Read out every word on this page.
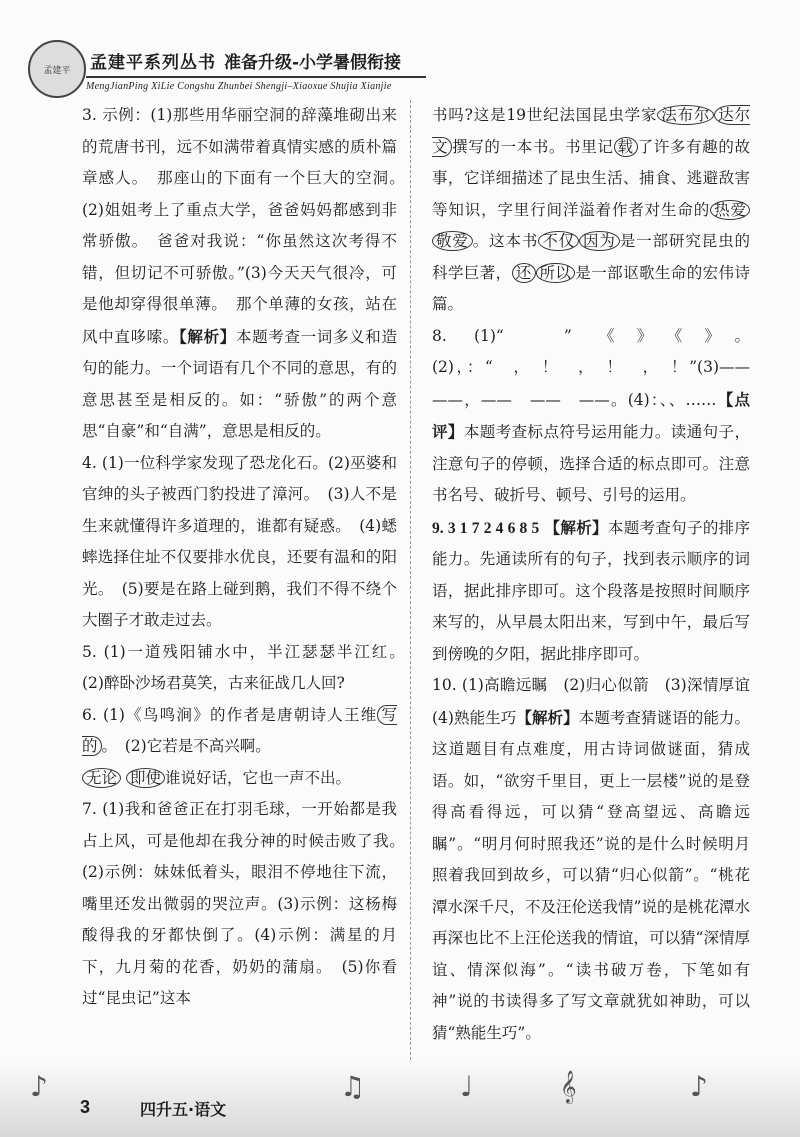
孟建平 孟建平系列丛书 准备升级-小学暑假衔接
MengJianPing XiLie Congshu Zhunbei Shengji–Xiaoxue Shujia Xianjie

3. 示例：(1)那些用华丽空洞的辞藻堆砌出来的荒唐书刊，远不如满带着真情实感的质朴篇章感人。　那座山的下面有一个巨大的空洞。　(2)姐姐考上了重点大学，爸爸妈妈都感到非常骄傲。　爸爸对我说：“你虽然这次考得不错，但切记不可骄傲。”(3)今天天气很冷，可是他却穿得很单薄。　那个单薄的女孩，站在风中直哆嗦。【解析】本题考查一词多义和造句的能力。一个词语有几个不同的意思，有的意思甚至是相反的。如：“骄傲”的两个意思“自豪”和“自满”，意思是相反的。

4. (1)一位科学家发现了恐龙化石。(2)巫婆和官绅的头子被西门豹投进了漳河。　(3)人不是生来就懂得许多道理的，谁都有疑惑。　(4)蟋蟀选择住址不仅要排水优良，还要有温和的阳光。　(5)要是在路上碰到鹅，我们不得不绕个大圈子才敢走过去。

5. (1)一道残阳铺水中，半江瑟瑟半江红。　(2)醉卧沙场君莫笑，古来征战几人回?

6. (1)《鸟鸣涧》的作者是唐朝诗人王维 写的 。　(2)它若是不高兴啊。
无论 即使 谁说好话，它也一声不出。

7. (1)我和爸爸正在打羽毛球，一开始都是我占上风，可是他却在我分神的时候击败了我。　(2)示例：妹妹低着头，眼泪不停地往下流，嘴里还发出微弱的哭泣声。(3)示例：这杨梅酸得我的牙都快倒了。(4)示例：满星的月下，九月菊的花香，奶奶的蒲扇。　(5)你看过“昆虫记”这本

书吗?这是19世纪法国昆虫学家 法布尔 达尔文 撰写的一本书。书里记 载 了许多有趣的故事，它详细描述了昆虫生活、捕食、逃避敌害等知识，字里行间洋溢着作者对生命的 热爱敬爱 。这本书 不仅 因为 是一部研究昆虫的科学巨著， 还 所以 是一部讴歌生命的宏伟诗篇。

8. (1)“　” 《》《》。(2)，：“　，　！　，　！　，　！”(3)——　——，——　——　——。(4)：、、……【点评】本题考查标点符号运用能力。读通句子，注意句子的停顿，选择合适的标点即可。注意书名号、破折号、顿号、引号的运用。

9. 3 1 7 2 4 6 8 5 【解析】本题考查句子的排序能力。先通读所有的句子，找到表示顺序的词语，据此排序即可。这个段落是按照时间顺序来写的，从早晨太阳出来，写到中午，最后写到傍晚的夕阳，据此排序即可。

10. (1)高瞻远瞩　(2)归心似箭　(3)深情厚谊　(4)熟能生巧【解析】本题考查猜谜语的能力。这道题目有点难度，用古诗词做谜面，猜成语。如，“欲穷千里目，更上一层楼”说的是登得高看得远，可以猜“登高望远、高瞻远瞩”。“明月何时照我还”说的是什么时候明月照着我回到故乡，可以猜“归心似箭”。“桃花潭水深千尺，不及汪伦送我情”说的是桃花潭水再深也比不上汪伦送我的情谊，可以猜“深情厚谊、情深似海”。“读书破万卷，下笔如有神”说的书读得多了写文章就犹如神助，可以猜“熟能生巧”。

♪	♫	♩	𝄞	♪
3	四升五·语文
